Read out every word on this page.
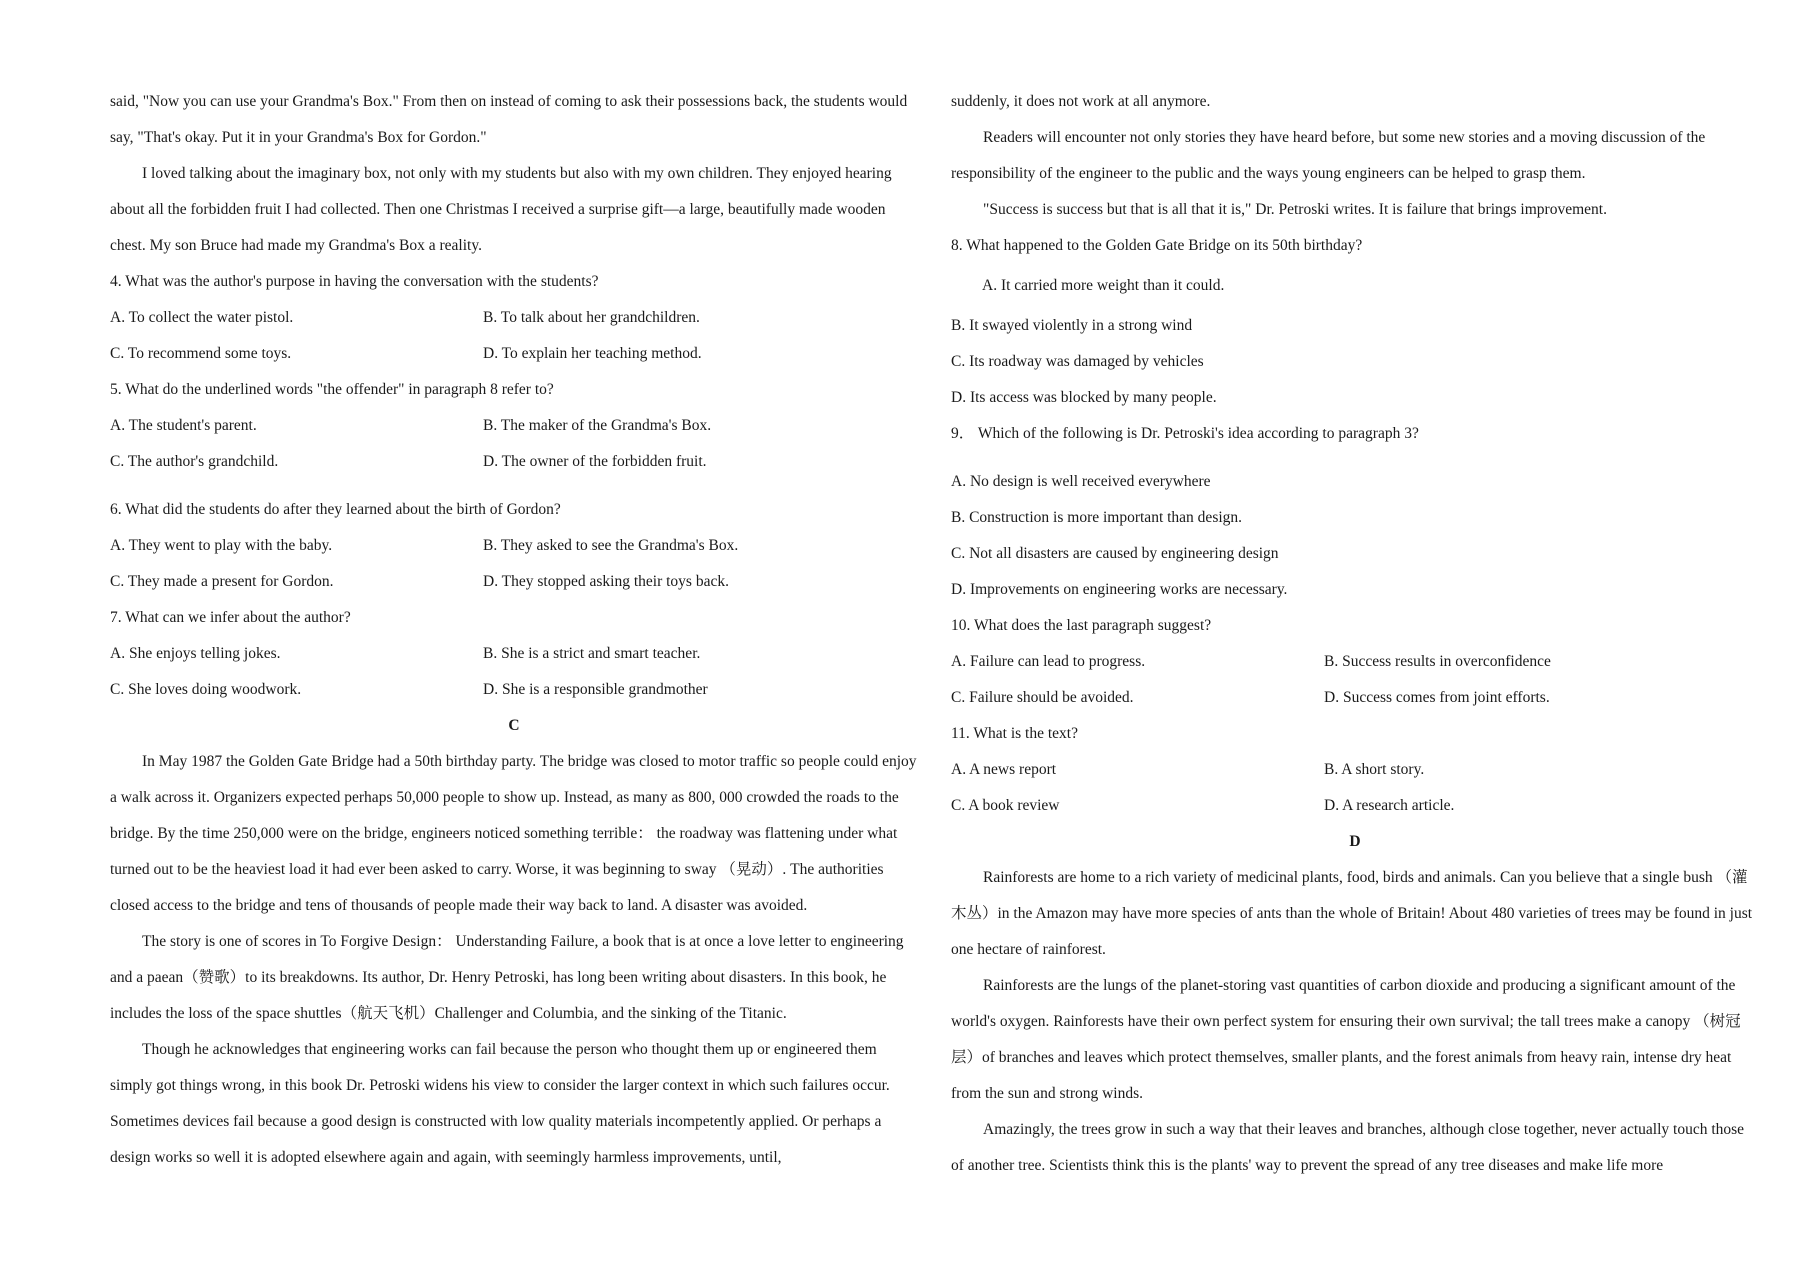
said, "Now you can use your Grandma's Box." From then on instead of coming to ask their possessions back, the students would say, "That's okay. Put it in your Grandma's Box for Gordon."

I loved talking about the imaginary box, not only with my students but also with my own children. They enjoyed hearing about all the forbidden fruit I had collected. Then one Christmas I received a surprise gift—a large, beautifully made wooden chest. My son Bruce had made my Grandma's Box a reality.

4. What was the author's purpose in having the conversation with the students?

A. To collect the water pistol.	B. To talk about her grandchildren.
C. To recommend some toys.	D. To explain her teaching method.

5. What do the underlined words "the offender" in paragraph 8 refer to?

A. The student's parent.	B. The maker of the Grandma's Box.
C. The author's grandchild.	D. The owner of the forbidden fruit.

6. What did the students do after they learned about the birth of Gordon?

A. They went to play with the baby.	B. They asked to see the Grandma's Box.
C. They made a present for Gordon.	D. They stopped asking their toys back.

7. What can we infer about the author?

A. She enjoys telling jokes.	B. She is a strict and smart teacher.
C. She loves doing woodwork.	D. She is a responsible grandmother

C

In May 1987 the Golden Gate Bridge had a 50th birthday party. The bridge was closed to motor traffic so people could enjoy a walk across it. Organizers expected perhaps 50,000 people to show up. Instead, as many as 800, 000 crowded the roads to the bridge. By the time 250,000 were on the bridge, engineers noticed something terrible： the roadway was flattening under what turned out to be the heaviest load it had ever been asked to carry. Worse, it was beginning to sway （晃动）. The authorities closed access to the bridge and tens of thousands of people made their way back to land. A disaster was avoided.

The story is one of scores in To Forgive Design： Understanding Failure, a book that is at once a love letter to engineering and a paean（赞歌）to its breakdowns. Its author, Dr. Henry Petroski, has long been writing about disasters. In this book, he includes the loss of the space shuttles（航天飞机）Challenger and Columbia, and the sinking of the Titanic.

Though he acknowledges that engineering works can fail because the person who thought them up or engineered them simply got things wrong, in this book Dr. Petroski widens his view to consider the larger context in which such failures occur. Sometimes devices fail because a good design is constructed with low quality materials incompetently applied. Or perhaps a design works so well it is adopted elsewhere again and again, with seemingly harmless improvements, until,

suddenly, it does not work at all anymore.

Readers will encounter not only stories they have heard before, but some new stories and a moving discussion of the responsibility of the engineer to the public and the ways young engineers can be helped to grasp them.

"Success is success but that is all that it is," Dr. Petroski writes. It is failure that brings improvement.

8. What happened to the Golden Gate Bridge on its 50th birthday?

A. It carried more weight than it could.

B. It swayed violently in a strong wind

C. Its roadway was damaged by vehicles

D. Its access was blocked by many people.

9． Which of the following is Dr. Petroski's idea according to paragraph 3?

A. No design is well received everywhere

B. Construction is more important than design.

C. Not all disasters are caused by engineering design

D. Improvements on engineering works are necessary.

10. What does the last paragraph suggest?

A. Failure can lead to progress.	B. Success results in overconfidence
C. Failure should be avoided.	D. Success comes from joint efforts.

11. What is the text?

A. A news report	B. A short story.
C. A book review	D. A research article.

D

Rainforests are home to a rich variety of medicinal plants, food, birds and animals. Can you believe that a single bush （灌木丛）in the Amazon may have more species of ants than the whole of Britain! About 480 varieties of trees may be found in just one hectare of rainforest.

Rainforests are the lungs of the planet-storing vast quantities of carbon dioxide and producing a significant amount of the world's oxygen. Rainforests have their own perfect system for ensuring their own survival; the tall trees make a canopy （树冠层）of branches and leaves which protect themselves, smaller plants, and the forest animals from heavy rain, intense dry heat from the sun and strong winds.

Amazingly, the trees grow in such a way that their leaves and branches, although close together, never actually touch those of another tree. Scientists think this is the plants' way to prevent the spread of any tree diseases and make life more
